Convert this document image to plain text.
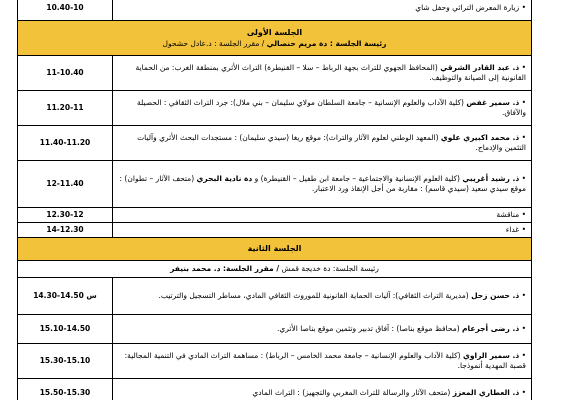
• زيارة المعرض التراثي وحفل شاي	10.40-10

الجلسة الأولى
رئيسة الجلسة : دة مريم حنصالي / مقرر الجلسة : د.عادل حشحول	

• ذ. عبد القادر الشرقي (المحافظ الجهوي للتراث بجهة الرباط – سلا – القنيطرة) التراث الأثري بمنطقة الغرب: من الحماية القانونية إلى الصيانة والتوظيف.	11-10.40
• ذ. سمير غفص (كلية الآداب والعلوم الإنسانية – جامعة السلطان مولاي سليمان – بني ملال): جرد التراث الثقافي : الحصيلة والآفاق.	11.20-11
• ذ. محمد اكبيري علوي (المعهد الوطني لعلوم الآثار والتراث): موقع ريغا (سيدي سليمان) : مستجدات البحث الأثري وآليات التثمين والإدماج.	11.40-11.20
• ذ. رشيد أغريبي (كلية العلوم الإنسانية والاجتماعية – جامعة ابن طفيل – القنيطرة) و دة نادية البحري (متحف الآثار – تطوان) : موقع سيدي سعيد (سيدي قاسم) : مقاربة من أجل الإنقاذ ورد الاعتبار.	12-11.40
• مناقشة	12.30-12
• غداء	14-12.30

الجلسة الثانية	

رئيسة الجلسة: دة خديجة قمش / مقرر الجلسة: د. محمد بنيفر	

• ذ. حسن زحل (مديرية التراث الثقافي): آليات الحماية القانونية للموروث الثقافي المادي، مساطر التسجيل والترتيب.	س 14.50-14.30
• ذ. رضى أجرعام (محافظ موقع بناصا) : آفاق تدبير وتثمين موقع بناصا الأثري.	15.10-14.50
• ذ. سمير الراوي (كلية الآداب والعلوم الإنسانية – جامعة محمد الخامس – الرباط) : مساهمة التراث المادي في التنمية المجالية: قصبة المهدية أنموذجا.	15.30-15.10
• ذ. العطاري المعزز (متحف الآثار والرسالة للتراث المغربي والتجهيز) : التراث المادي	15.50-15.30
